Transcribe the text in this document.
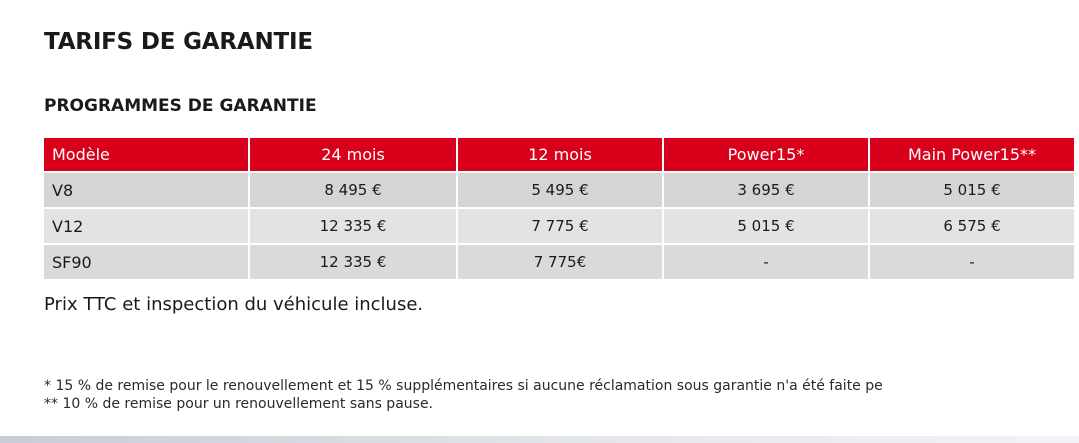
TARIFS DE GARANTIE
PROGRAMMES DE GARANTIE
Modèle	24 mois	12 mois	Power15*	Main Power15**
V8	8 495 €	5 495 €	3 695 €	5 015 €
V12	12 335 €	7 775 €	5 015 €	6 575 €
SF90	12 335 €	7 775€	-	-

Prix TTC et inspection du véhicule incluse.

* 15 % de remise pour le renouvellement et 15 % supplémentaires si aucune réclamation sous garantie n'a été faite pe

** 10 % de remise pour un renouvellement sans pause.
